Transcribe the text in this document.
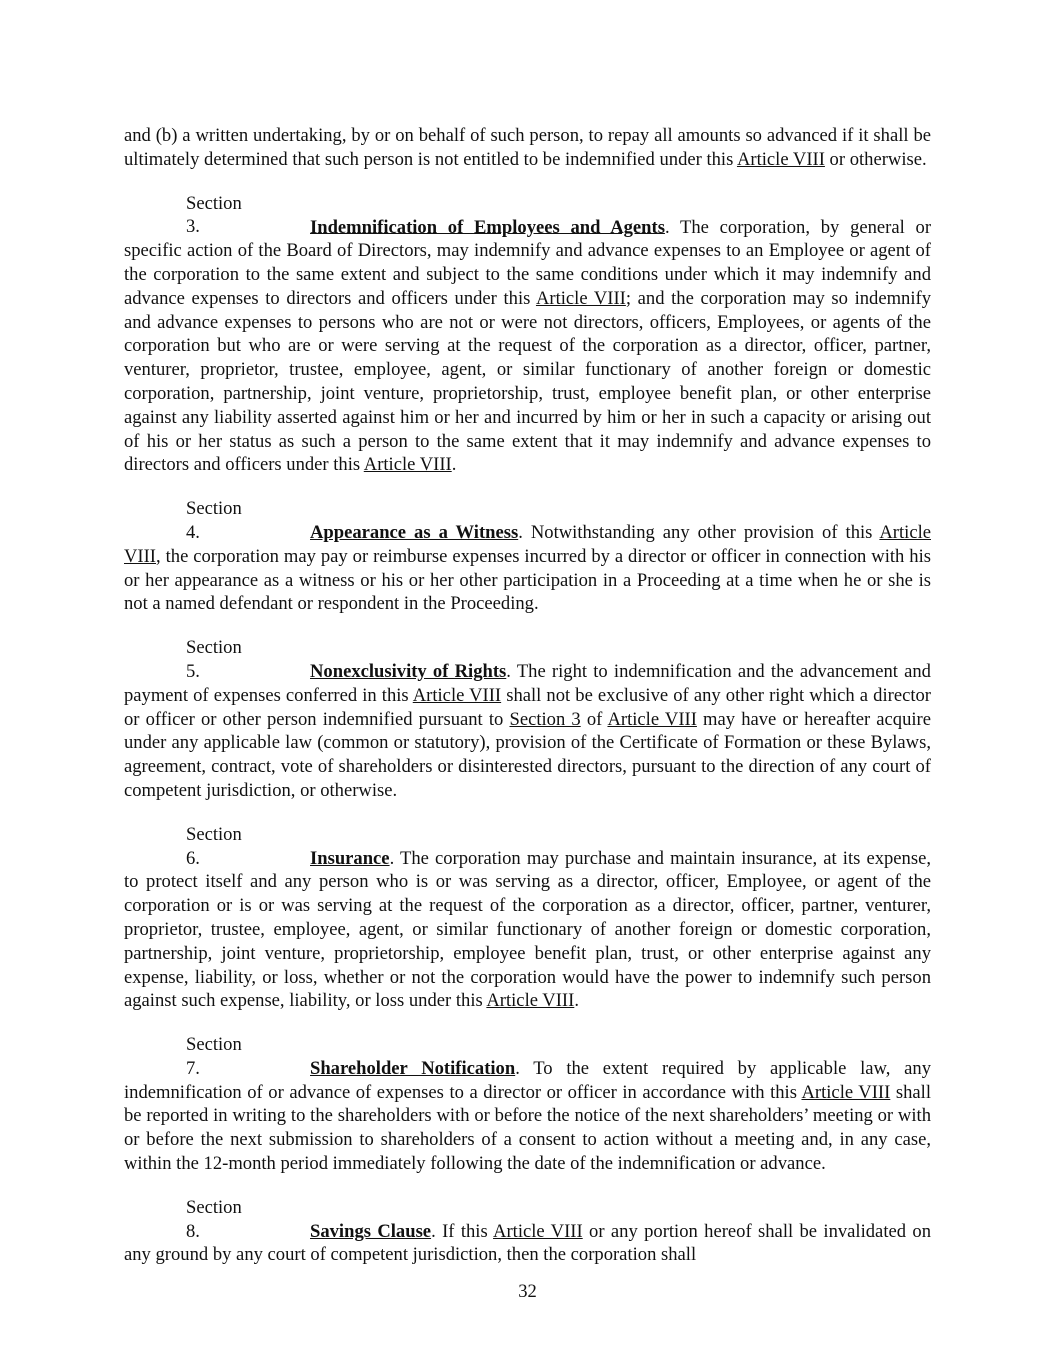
and (b) a written undertaking, by or on behalf of such person, to repay all amounts so advanced if it shall be ultimately determined that such person is not entitled to be indemnified under this Article VIII or otherwise.

Section 3.	Indemnification of Employees and Agents. The corporation, by general or specific action of the Board of Directors, may indemnify and advance expenses to an Employee or agent of the corporation to the same extent and subject to the same conditions under which it may indemnify and advance expenses to directors and officers under this Article VIII; and the corporation may so indemnify and advance expenses to persons who are not or were not directors, officers, Employees, or agents of the corporation but who are or were serving at the request of the corporation as a director, officer, partner, venturer, proprietor, trustee, employee, agent, or similar functionary of another foreign or domestic corporation, partnership, joint venture, proprietorship, trust, employee benefit plan, or other enterprise against any liability asserted against him or her and incurred by him or her in such a capacity or arising out of his or her status as such a person to the same extent that it may indemnify and advance expenses to directors and officers under this Article VIII.

Section 4.	Appearance as a Witness. Notwithstanding any other provision of this Article VIII, the corporation may pay or reimburse expenses incurred by a director or officer in connection with his or her appearance as a witness or his or her other participation in a Proceeding at a time when he or she is not a named defendant or respondent in the Proceeding.

Section 5.	Nonexclusivity of Rights. The right to indemnification and the advancement and payment of expenses conferred in this Article VIII shall not be exclusive of any other right which a director or officer or other person indemnified pursuant to Section 3 of Article VIII may have or hereafter acquire under any applicable law (common or statutory), provision of the Certificate of Formation or these Bylaws, agreement, contract, vote of shareholders or disinterested directors, pursuant to the direction of any court of competent jurisdiction, or otherwise.

Section 6.	Insurance. The corporation may purchase and maintain insurance, at its expense, to protect itself and any person who is or was serving as a director, officer, Employee, or agent of the corporation or is or was serving at the request of the corporation as a director, officer, partner, venturer, proprietor, trustee, employee, agent, or similar functionary of another foreign or domestic corporation, partnership, joint venture, proprietorship, employee benefit plan, trust, or other enterprise against any expense, liability, or loss, whether or not the corporation would have the power to indemnify such person against such expense, liability, or loss under this Article VIII.

Section 7.	Shareholder Notification. To the extent required by applicable law, any indemnification of or advance of expenses to a director or officer in accordance with this Article VIII shall be reported in writing to the shareholders with or before the notice of the next shareholders’ meeting or with or before the next submission to shareholders of a consent to action without a meeting and, in any case, within the 12-month period immediately following the date of the indemnification or advance.

Section 8.	Savings Clause. If this Article VIII or any portion hereof shall be invalidated on any ground by any court of competent jurisdiction, then the corporation shall

32
